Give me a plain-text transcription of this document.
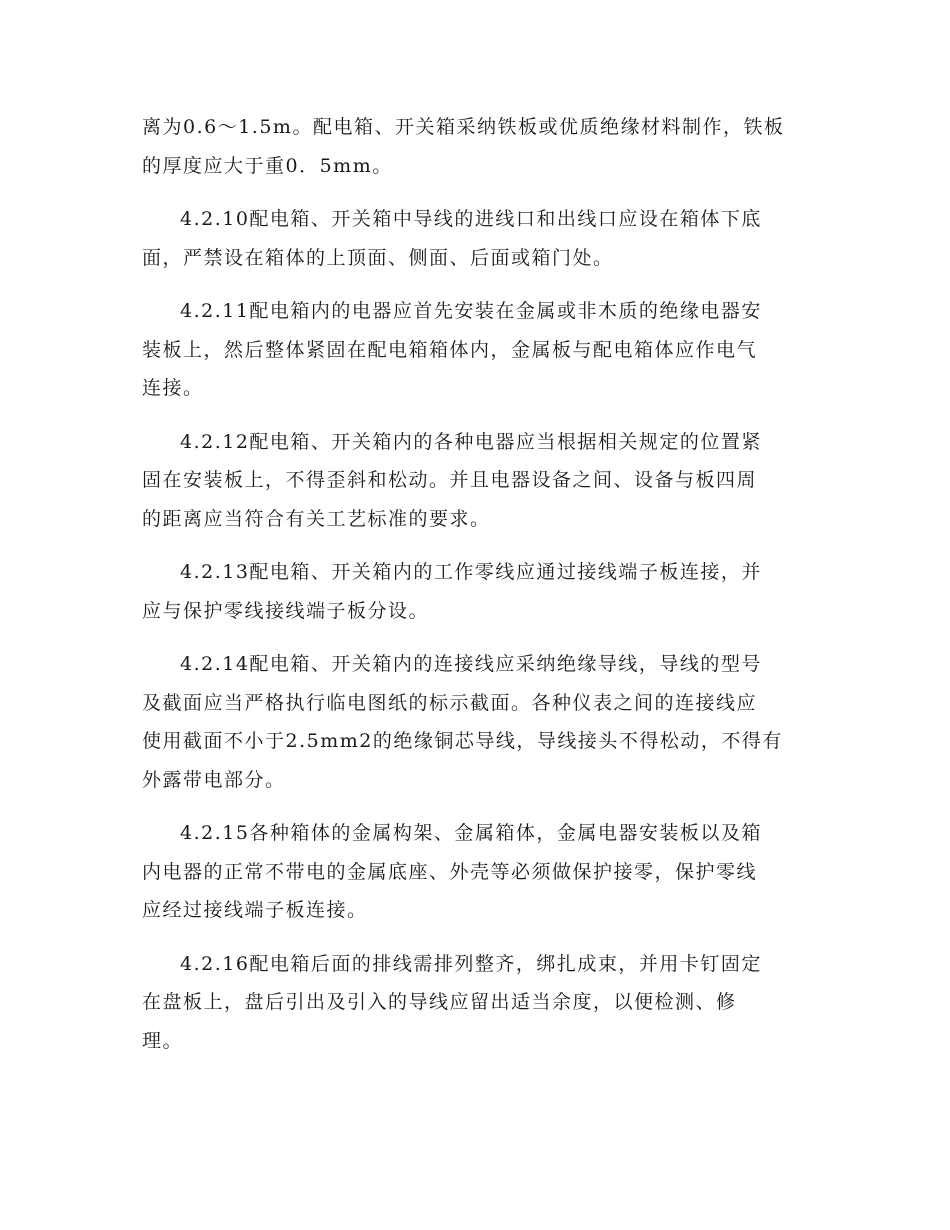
离为0.6～1.5m。配电箱、开关箱采纳铁板或优质绝缘材料制作，铁板
的厚度应大于重0．5mm。

4.2.10配电箱、开关箱中导线的进线口和出线口应设在箱体下底
面，严禁设在箱体的上顶面、侧面、后面或箱门处。

4.2.11配电箱内的电器应首先安装在金属或非木质的绝缘电器安
装板上，然后整体紧固在配电箱箱体内，金属板与配电箱体应作电气
连接。

4.2.12配电箱、开关箱内的各种电器应当根据相关规定的位置紧
固在安装板上，不得歪斜和松动。并且电器设备之间、设备与板四周
的距离应当符合有关工艺标准的要求。

4.2.13配电箱、开关箱内的工作零线应通过接线端子板连接，并
应与保护零线接线端子板分设。

4.2.14配电箱、开关箱内的连接线应采纳绝缘导线，导线的型号
及截面应当严格执行临电图纸的标示截面。各种仪表之间的连接线应
使用截面不小于2.5mm2的绝缘铜芯导线，导线接头不得松动，不得有
外露带电部分。

4.2.15各种箱体的金属构架、金属箱体，金属电器安装板以及箱
内电器的正常不带电的金属底座、外壳等必须做保护接零，保护零线
应经过接线端子板连接。

4.2.16配电箱后面的排线需排列整齐，绑扎成束，并用卡钉固定
在盘板上，盘后引出及引入的导线应留出适当余度，以便检测、修
理。
